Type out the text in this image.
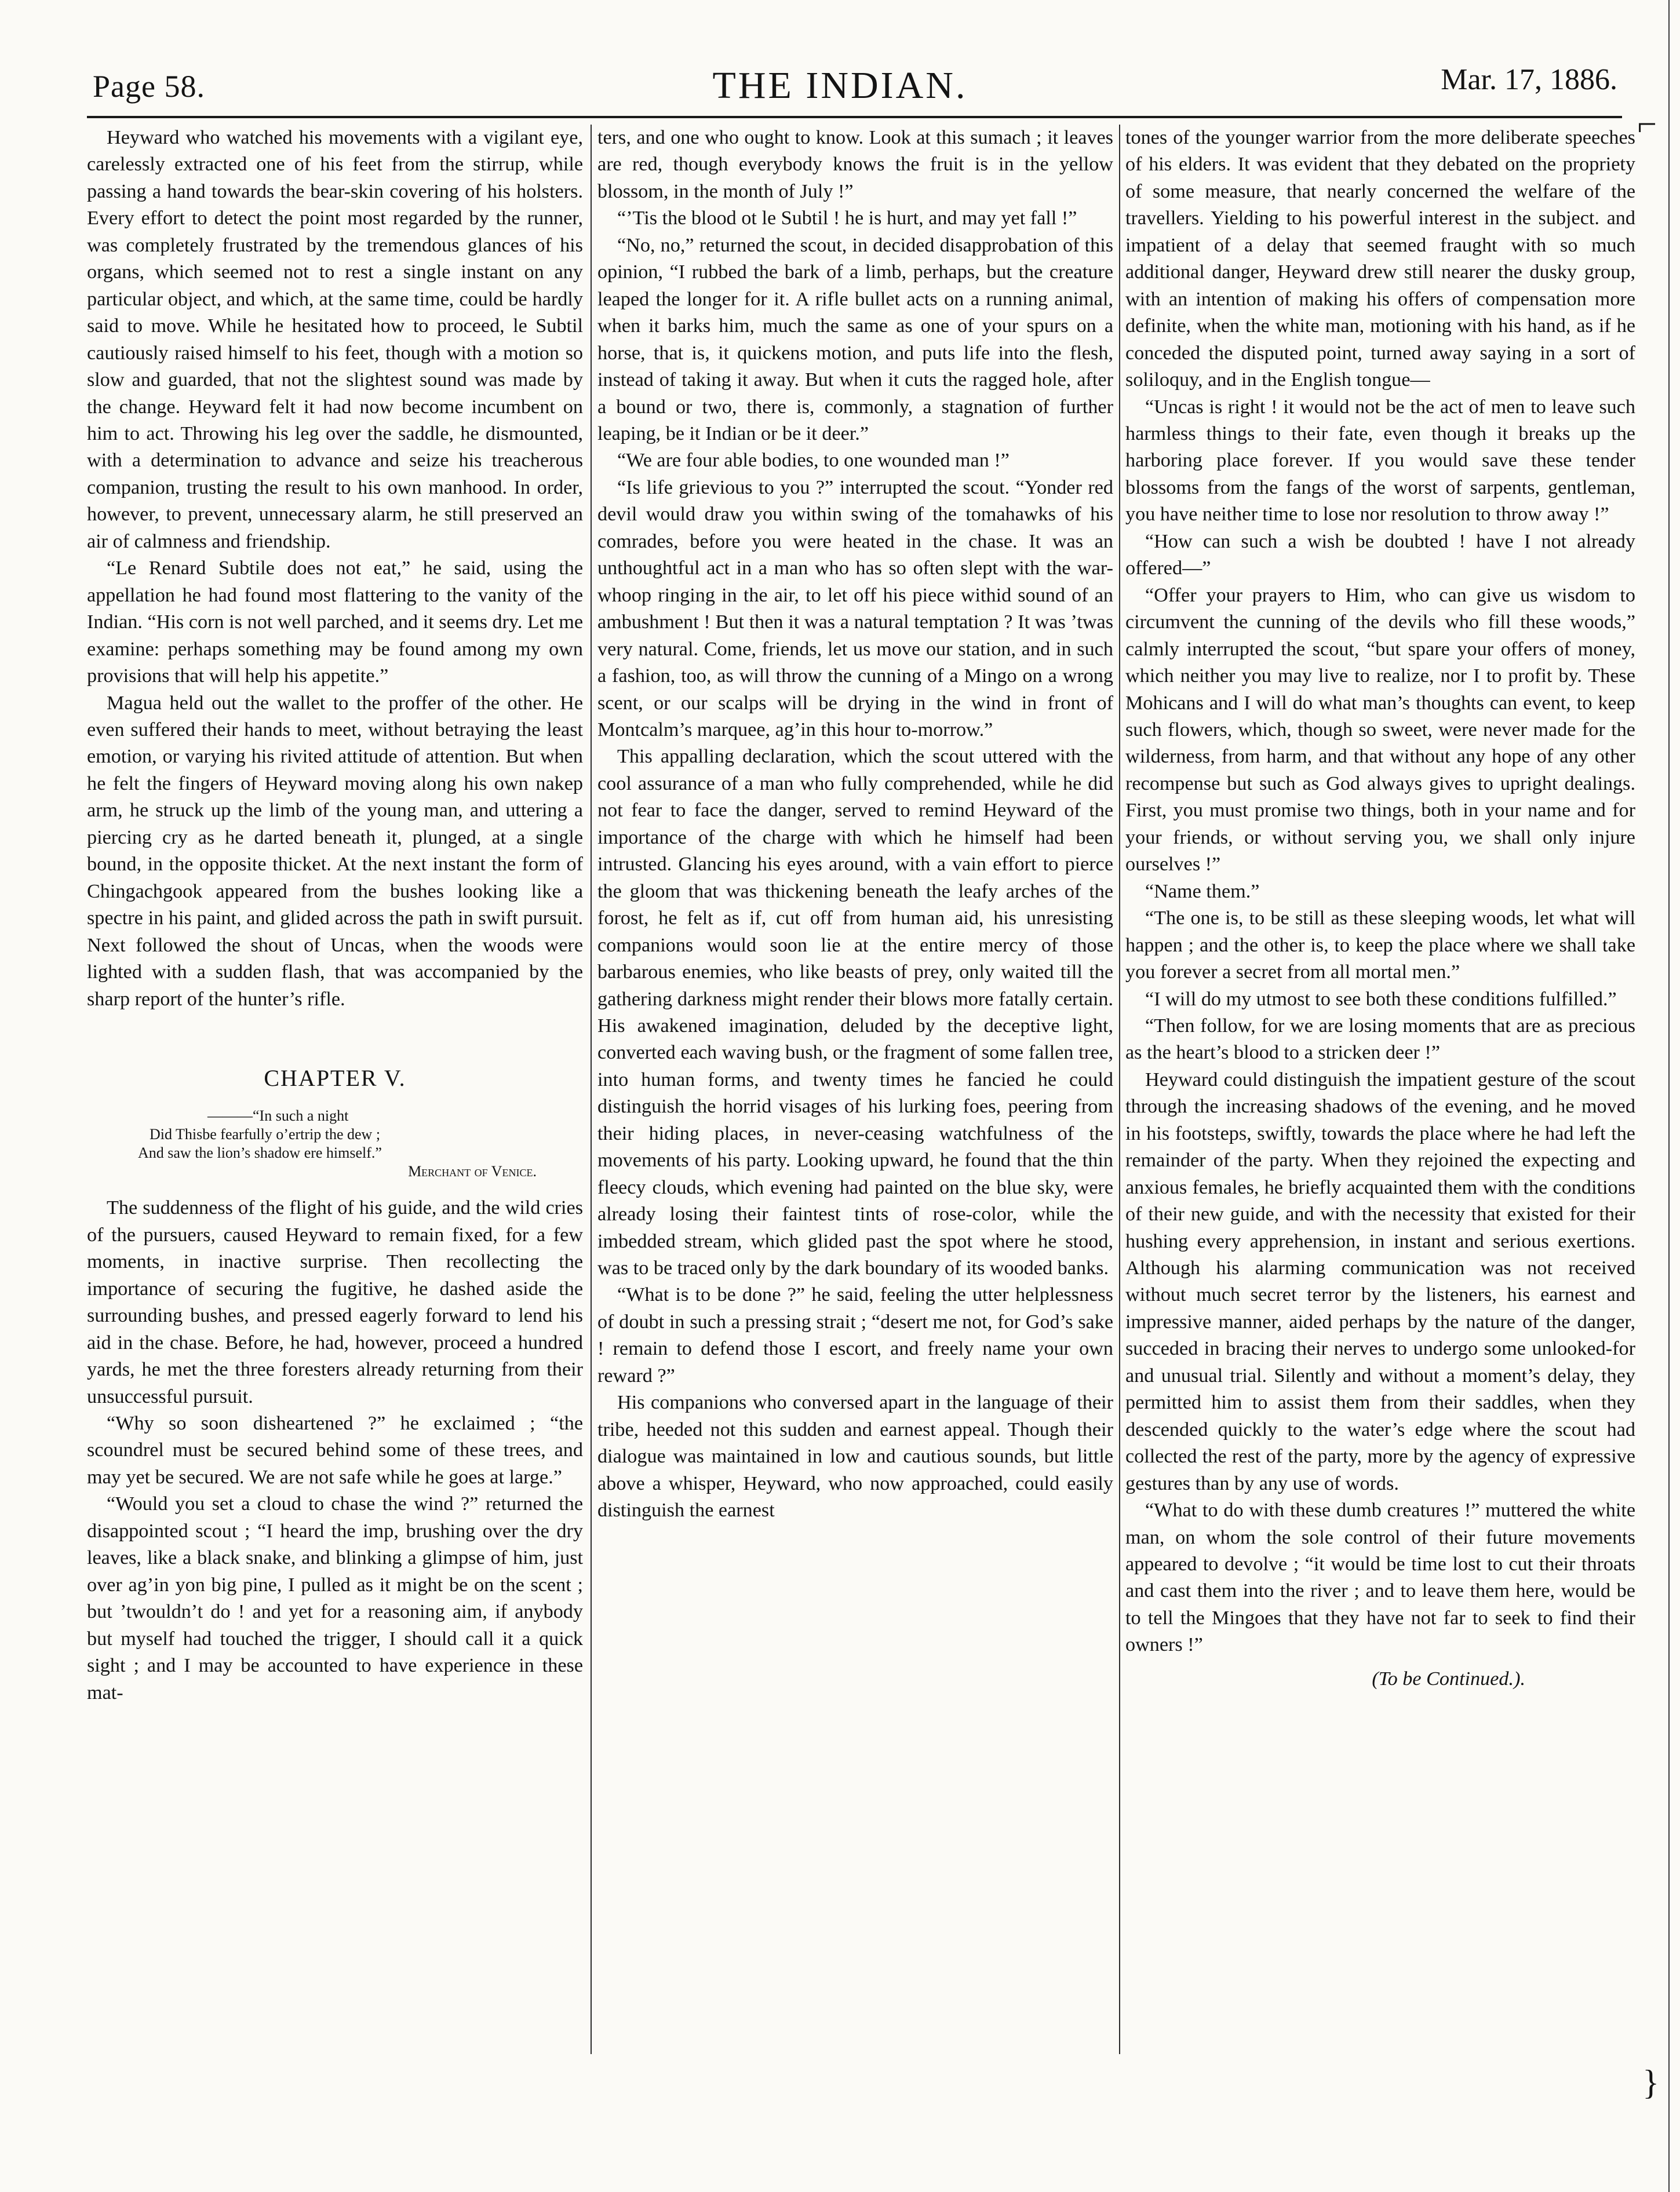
Page 58.	THE INDIAN.	Mar. 17, 1886.

Heyward who watched his movements with a vigilant eye, carelessly extracted one of his feet from the stirrup, while passing a hand towards the bear-skin covering of his holsters. Every effort to detect the point most regarded by the runner, was completely frustrated by the tremendous glances of his organs, which seemed not to rest a single instant on any particular object, and which, at the same time, could be hardly said to move. While he hesitated how to proceed, le Subtil cautiously raised himself to his feet, though with a motion so slow and guarded, that not the slightest sound was made by the change. Heyward felt it had now become incumbent on him to act. Throwing his leg over the saddle, he dismounted, with a determination to advance and seize his treacherous companion, trusting the result to his own manhood. In order, however, to prevent, unnecessary alarm, he still preserved an air of calmness and friendship.

“Le Renard Subtile does not eat,” he said, using the appellation he had found most flattering to the vanity of the Indian. “His corn is not well parched, and it seems dry. Let me examine: perhaps something may be found among my own provisions that will help his appetite.”

Magua held out the wallet to the proffer of the other. He even suffered their hands to meet, without betraying the least emotion, or varying his rivited attitude of attention. But when he felt the fingers of Heyward moving along his own nakep arm, he struck up the limb of the young man, and uttering a piercing cry as he darted beneath it, plunged, at a single bound, in the opposite thicket. At the next instant the form of Chingachgook appeared from the bushes looking like a spectre in his paint, and glided across the path in swift pursuit. Next followed the shout of Uncas, when the woods were lighted with a sudden flash, that was accompanied by the sharp report of the hunter’s rifle.

CHAPTER V.
———“In such a night
Did Thisbe fearfully o’ertrip the dew ;
And saw the lion’s shadow ere himself.”
Merchant of Venice.

The suddenness of the flight of his guide, and the wild cries of the pursuers, caused Heyward to remain fixed, for a few moments, in inactive surprise. Then recollecting the importance of securing the fugitive, he dashed aside the surrounding bushes, and pressed eagerly forward to lend his aid in the chase. Before, he had, however, proceed a hundred yards, he met the three foresters already returning from their unsuccessful pursuit.

“Why so soon disheartened ?” he exclaimed ; “the scoundrel must be secured behind some of these trees, and may yet be secured. We are not safe while he goes at large.”

“Would you set a cloud to chase the wind ?” returned the disappointed scout ; “I heard the imp, brushing over the dry leaves, like a black snake, and blinking a glimpse of him, just over ag’in yon big pine, I pulled as it might be on the scent ; but ’twouldn’t do ! and yet for a reasoning aim, if anybody but myself had touched the trigger, I should call it a quick sight ; and I may be accounted to have experience in these mat-

ters, and one who ought to know. Look at this sumach ; it leaves are red, though everybody knows the fruit is in the yellow blossom, in the month of July !”

“’Tis the blood ot le Subtil ! he is hurt, and may yet fall !”

“No, no,” returned the scout, in decided disapprobation of this opinion, “I rubbed the bark of a limb, perhaps, but the creature leaped the longer for it. A rifle bullet acts on a running animal, when it barks him, much the same as one of your spurs on a horse, that is, it quickens motion, and puts life into the flesh, instead of taking it away. But when it cuts the ragged hole, after a bound or two, there is, commonly, a stagnation of further leaping, be it Indian or be it deer.”

“We are four able bodies, to one wounded man !”

“Is life grievious to you ?” interrupted the scout. “Yonder red devil would draw you within swing of the tomahawks of his comrades, before you were heated in the chase. It was an unthoughtful act in a man who has so often slept with the war-whoop ringing in the air, to let off his piece withid sound of an ambushment ! But then it was a natural temptation ? It was ’twas very natural. Come, friends, let us move our station, and in such a fashion, too, as will throw the cunning of a Mingo on a wrong scent, or our scalps will be drying in the wind in front of Montcalm’s marquee, ag’in this hour to-morrow.”

This appalling declaration, which the scout uttered with the cool assurance of a man who fully comprehended, while he did not fear to face the danger, served to remind Heyward of the importance of the charge with which he himself had been intrusted. Glancing his eyes around, with a vain effort to pierce the gloom that was thickening beneath the leafy arches of the forost, he felt as if, cut off from human aid, his unresisting companions would soon lie at the entire mercy of those barbarous enemies, who like beasts of prey, only waited till the gathering darkness might render their blows more fatally certain. His awakened imagination, deluded by the deceptive light, converted each waving bush, or the fragment of some fallen tree, into human forms, and twenty times he fancied he could distinguish the horrid visages of his lurking foes, peering from their hiding places, in never-ceasing watchfulness of the movements of his party. Looking upward, he found that the thin fleecy clouds, which evening had painted on the blue sky, were already losing their faintest tints of rose-color, while the imbedded stream, which glided past the spot where he stood, was to be traced only by the dark boundary of its wooded banks.

“What is to be done ?” he said, feeling the utter helplessness of doubt in such a pressing strait ; “desert me not, for God’s sake ! remain to defend those I escort, and freely name your own reward ?”

His companions who conversed apart in the language of their tribe, heeded not this sudden and earnest appeal. Though their dialogue was maintained in low and cautious sounds, but little above a whisper, Heyward, who now approached, could easily distinguish the earnest

tones of the younger warrior from the more deliberate speeches of his elders. It was evident that they debated on the propriety of some measure, that nearly concerned the welfare of the travellers. Yielding to his powerful interest in the subject. and impatient of a delay that seemed fraught with so much additional danger, Heyward drew still nearer the dusky group, with an intention of making his offers of compensation more definite, when the white man, motioning with his hand, as if he conceded the disputed point, turned away saying in a sort of soliloquy, and in the English tongue—

“Uncas is right ! it would not be the act of men to leave such harmless things to their fate, even though it breaks up the harboring place forever. If you would save these tender blossoms from the fangs of the worst of sarpents, gentleman, you have neither time to lose nor resolution to throw away !”

“How can such a wish be doubted ! have I not already offered—”

“Offer your prayers to Him, who can give us wisdom to circumvent the cunning of the devils who fill these woods,” calmly interrupted the scout, “but spare your offers of money, which neither you may live to realize, nor I to profit by. These Mohicans and I will do what man’s thoughts can event, to keep such flowers, which, though so sweet, were never made for the wilderness, from harm, and that without any hope of any other recompense but such as God always gives to upright dealings. First, you must promise two things, both in your name and for your friends, or without serving you, we shall only injure ourselves !”

“Name them.”

“The one is, to be still as these sleeping woods, let what will happen ; and the other is, to keep the place where we shall take you forever a secret from all mortal men.”

“I will do my utmost to see both these conditions fulfilled.”

“Then follow, for we are losing moments that are as precious as the heart’s blood to a stricken deer !”

Heyward could distinguish the impatient gesture of the scout through the increasing shadows of the evening, and he moved in his footsteps, swiftly, towards the place where he had left the remainder of the party. When they rejoined the expecting and anxious females, he briefly acquainted them with the conditions of their new guide, and with the necessity that existed for their hushing every apprehension, in instant and serious exertions. Although his alarming communication was not received without much secret terror by the listeners, his earnest and impressive manner, aided perhaps by the nature of the danger, succeded in bracing their nerves to undergo some unlooked-for and unusual trial. Silently and without a moment’s delay, they permitted him to assist them from their saddles, when they descended quickly to the water’s edge where the scout had collected the rest of the party, more by the agency of expressive gestures than by any use of words.

“What to do with these dumb creatures !” muttered the white man, on whom the sole control of their future movements appeared to devolve ; “it would be time lost to cut their throats and cast them into the river ; and to leave them here, would be to tell the Mingoes that they have not far to seek to find their owners !”

(To be Continued.).
⌐
}
